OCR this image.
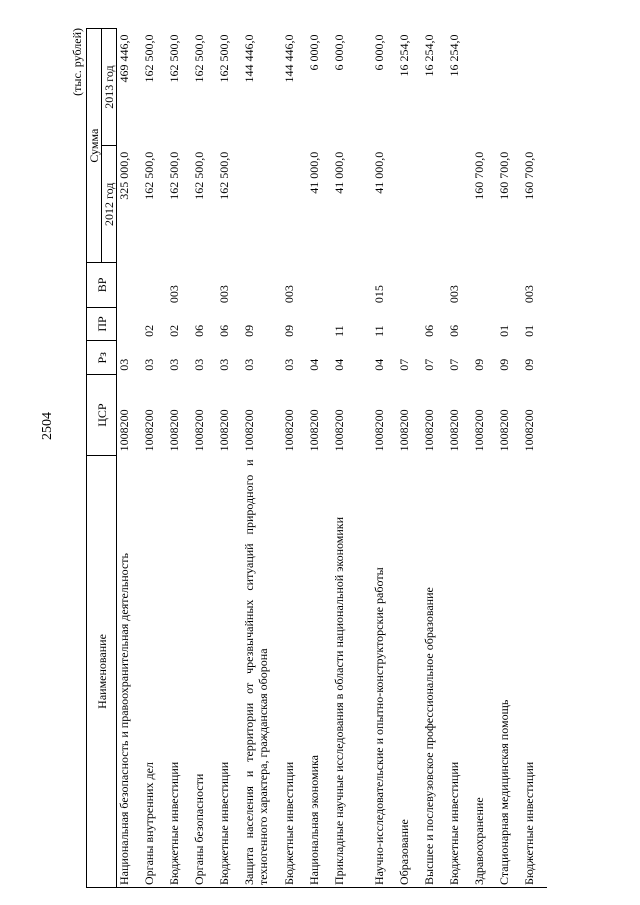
2504
(тыс. рублей)
Наименование	ЦСР	Рз	ПР	ВР	Сумма	
					2012 год	2013 год
Национальная безопасность и правоохранительная деятельность	1008200	03			325 000,0	469 446,0
Органы внутренних дел	1008200	03	02		162 500,0	162 500,0
Бюджетные инвестиции	1008200	03	02	003	162 500,0	162 500,0
Органы безопасности	1008200	03	06		162 500,0	162 500,0
Бюджетные инвестиции	1008200	03	06	003	162 500,0	162 500,0
Защита населения и территории от чрезвычайных ситуаций природного и техногенного характера, гражданская оборона	1008200	03	09			144 446,0
Бюджетные инвестиции	1008200	03	09	003		144 446,0
Национальная экономика	1008200	04			41 000,0	6 000,0
Прикладные научные исследования в области национальной экономики	1008200	04	11		41 000,0	6 000,0
Научно-исследовательские и опытно-конструкторские работы	1008200	04	11	015	41 000,0	6 000,0
Образование	1008200	07				16 254,0
Высшее и послевузовское профессиональное образование	1008200	07	06			16 254,0
Бюджетные инвестиции	1008200	07	06	003		16 254,0
Здравоохранение	1008200	09			160 700,0	
Стационарная медицинская помощь	1008200	09	01		160 700,0	
Бюджетные инвестиции	1008200	09	01	003	160 700,0	
